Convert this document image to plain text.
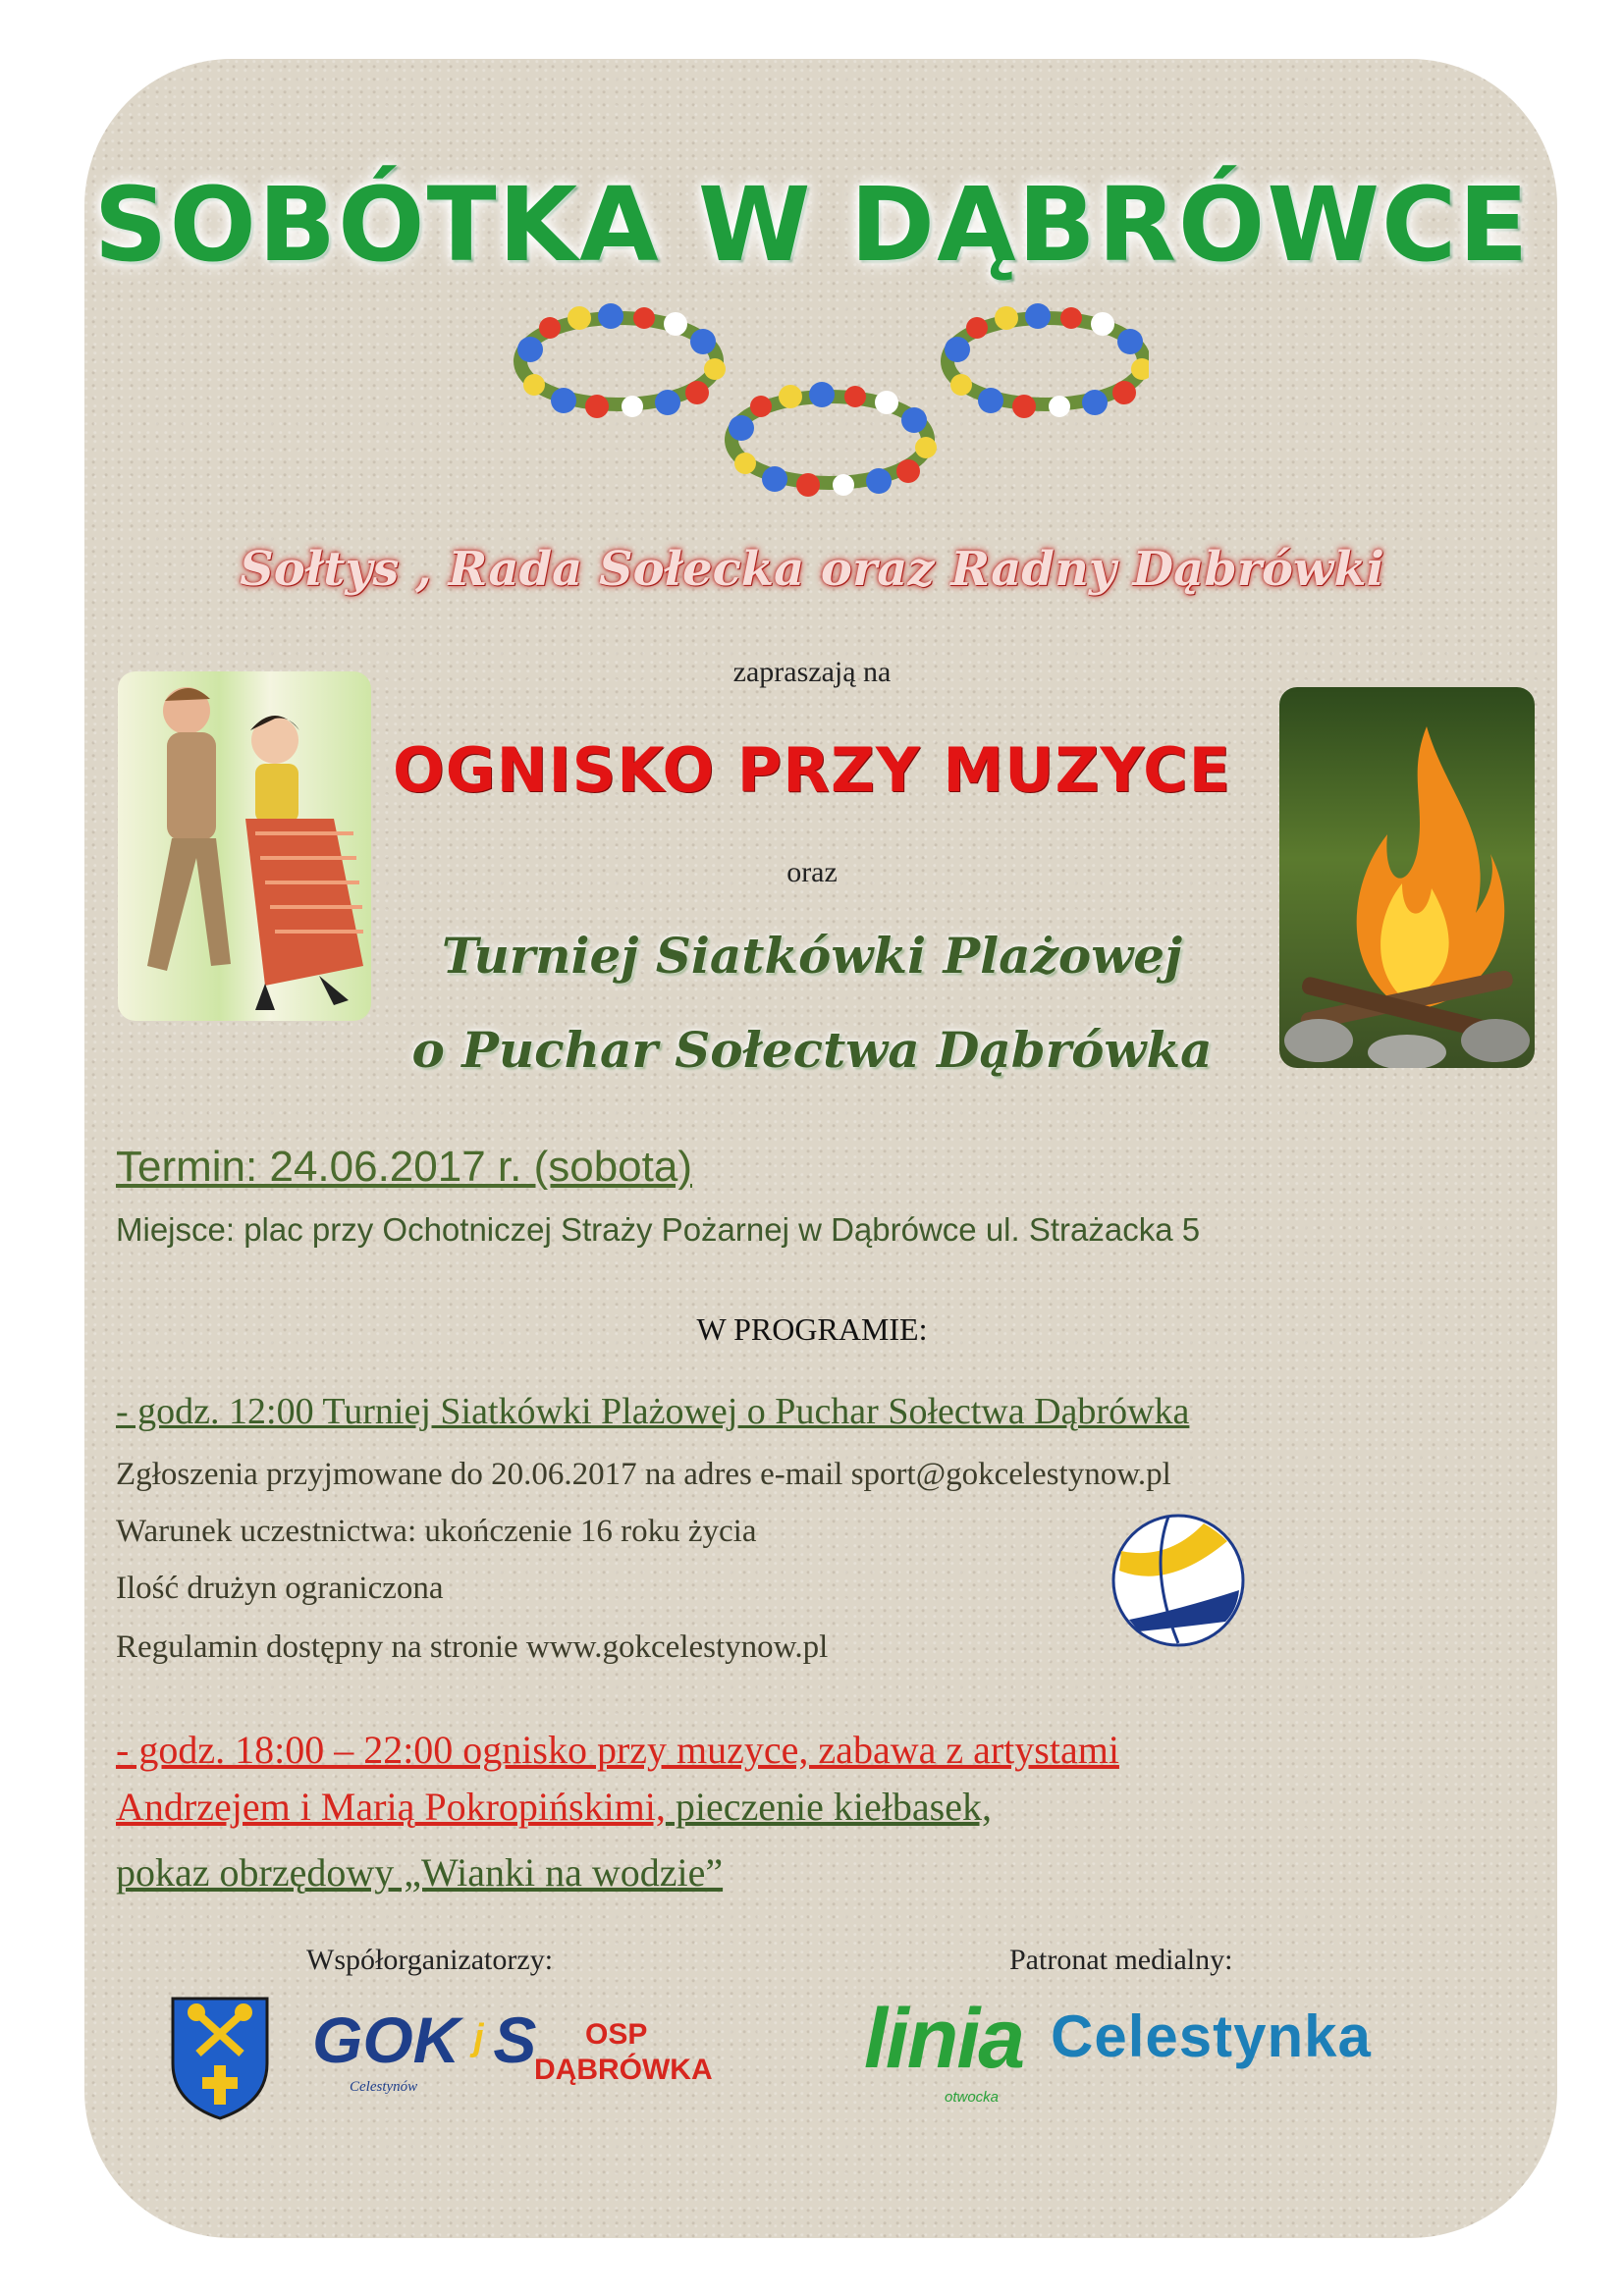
SOBÓTKA W DĄBRÓWCE
Sołtys , Rada Sołecka oraz Radny Dąbrówki
zapraszają na
OGNISKO PRZY MUZYCE
oraz
Turniej Siatkówki Plażowej
o Puchar Sołectwa Dąbrówka
Termin: 24.06.2017 r. (sobota)
Miejsce: plac przy Ochotniczej Straży Pożarnej w Dąbrówce ul. Strażacka 5
W PROGRAMIE:
- godz. 12:00 Turniej Siatkówki Plażowej o Puchar Sołectwa Dąbrówka
Zgłoszenia przyjmowane do 20.06.2017 na adres e-mail sport@gokcelestynow.pl
Warunek uczestnictwa: ukończenie 16 roku życia
Ilość drużyn ograniczona
Regulamin dostępny na stronie www.gokcelestynow.pl
- godz. 18:00 – 22:00 ognisko przy muzyce, zabawa z artystami
Andrzejem i Marią Pokropińskimi, pieczenie kiełbasek,
pokaz obrzędowy „Wianki na wodzie”
Współorganizatorzy:	Patronat medialny:
GOK ʲ S
Celestynów
OSP
DĄBRÓWKA linia
otwocka
Celestynka
